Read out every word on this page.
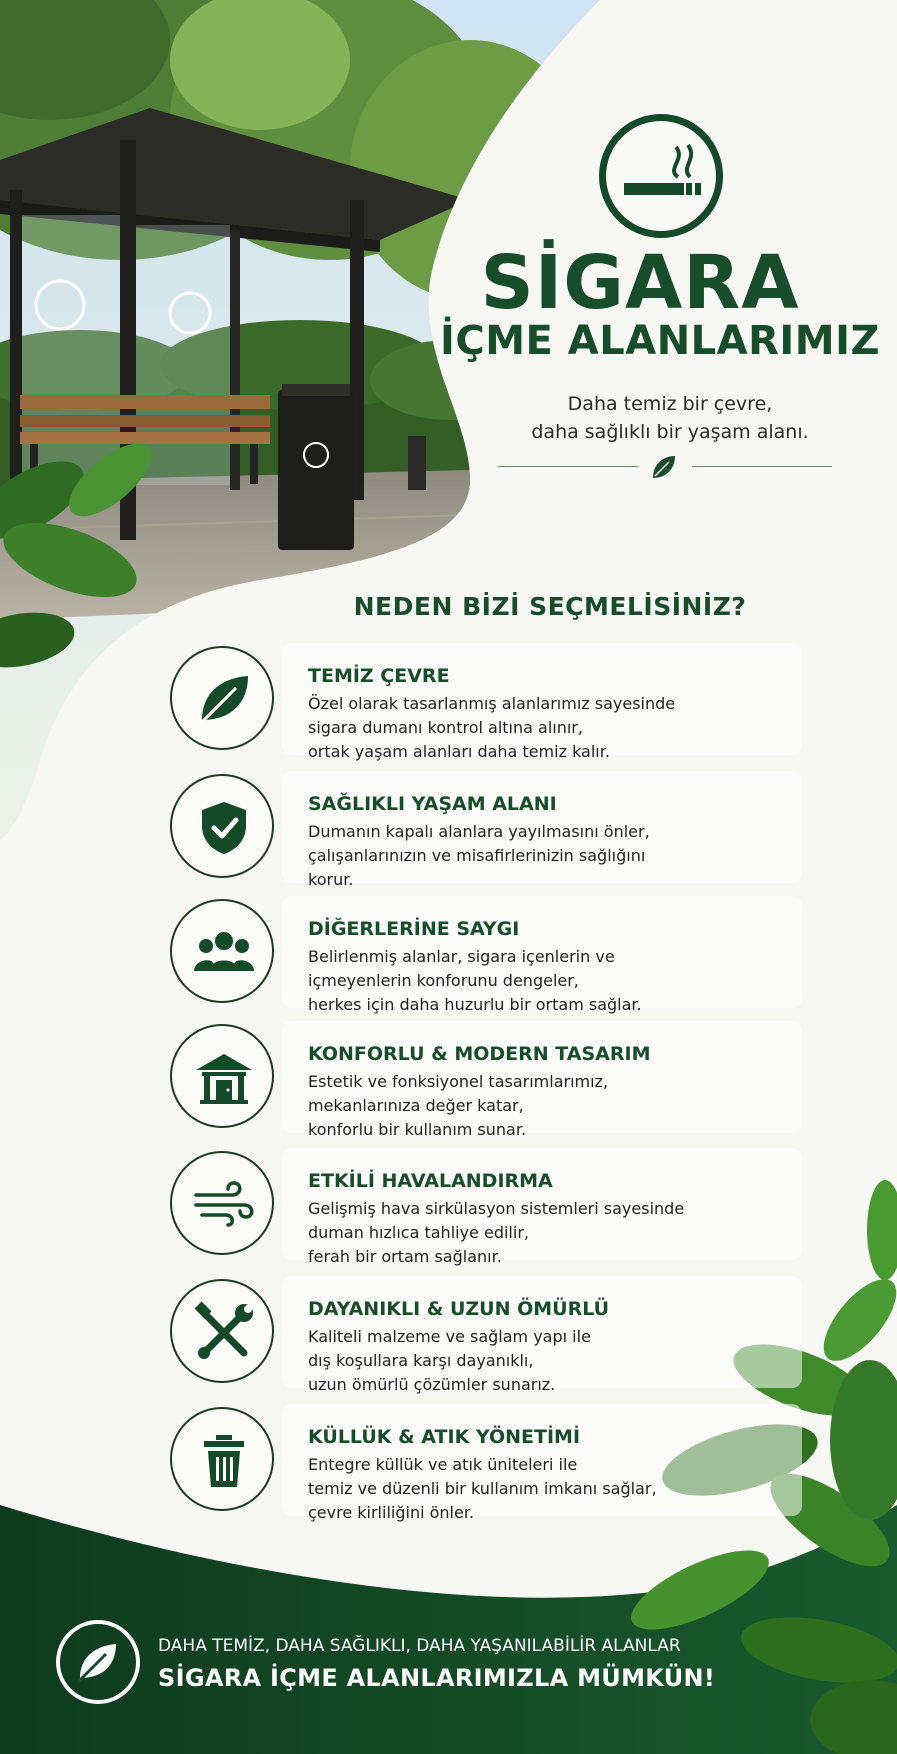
SİGARA
İÇME ALANLARIMIZ
Daha temiz bir çevre,
daha sağlıklı bir yaşam alanı.
NEDEN BİZİ SEÇMELİSİNİZ?
TEMİZ ÇEVRE
Özel olarak tasarlanmış alanlarımız sayesinde
sigara dumanı kontrol altına alınır,
ortak yaşam alanları daha temiz kalır.
SAĞLIKLI YAŞAM ALANI
Dumanın kapalı alanlara yayılmasını önler,
çalışanlarınızın ve misafirlerinizin sağlığını
korur.
DİĞERLERİNE SAYGI
Belirlenmiş alanlar, sigara içenlerin ve
içmeyenlerin konforunu dengeler,
herkes için daha huzurlu bir ortam sağlar.
KONFORLU & MODERN TASARIM
Estetik ve fonksiyonel tasarımlarımız,
mekanlarınıza değer katar,
konforlu bir kullanım sunar.
ETKİLİ HAVALANDIRMA
Gelişmiş hava sirkülasyon sistemleri sayesinde
duman hızlıca tahliye edilir,
ferah bir ortam sağlanır.
DAYANIKLI & UZUN ÖMÜRLÜ
Kaliteli malzeme ve sağlam yapı ile
dış koşullara karşı dayanıklı,
uzun ömürlü çözümler sunarız.
KÜLLÜK & ATIK YÖNETİMİ
Entegre küllük ve atık üniteleri ile
temiz ve düzenli bir kullanım imkanı sağlar,
çevre kirliliğini önler.
DAHA TEMİZ, DAHA SAĞLIKLI, DAHA YAŞANILABİLİR ALANLAR
SİGARA İÇME ALANLARIMIZLA MÜMKÜN!
